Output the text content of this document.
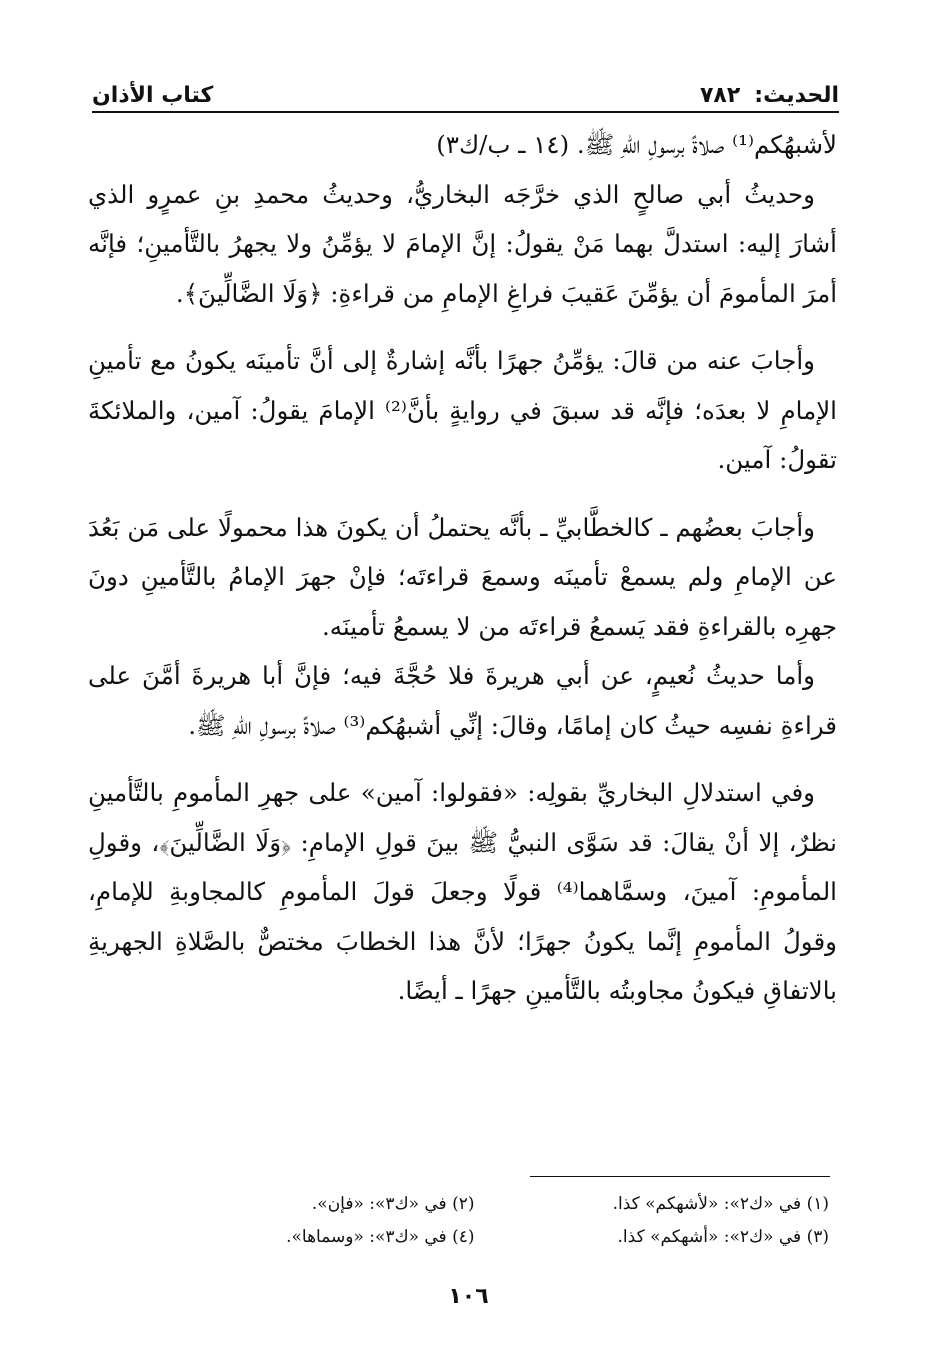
الحديث:
٧٨٢
كتاب الأذان

لأشبهُكم⁽¹⁾ صلاةً برسولِ اللهِ ﷺ. (١٤ ـ ب/ك٣)

وحديثُ أبي صالحٍ الذي خرَّجَه البخاريُّ، وحديثُ محمدِ بنِ عمرٍو الذي أشارَ إليه: استدلَّ بهما مَنْ يقولُ: إنَّ الإمامَ لا يؤمِّنُ ولا يجهرُ بالتَّأمينِ؛ فإنَّه أمرَ المأمومَ أن يؤمِّنَ عَقيبَ فراغِ الإمامِ من قراءةِ: ﴿وَلَا الضَّالِّينَ﴾.

وأجابَ عنه من قالَ: يؤمِّنُ جهرًا بأنَّه إشارةٌ إلى أنَّ تأمينَه يكونُ مع تأمينِ الإمامِ لا بعدَه؛ فإنَّه قد سبقَ في روايةٍ بأنَّ⁽²⁾ الإمامَ يقولُ: آمين، والملائكةَ تقولُ: آمين.

وأجابَ بعضُهم ـ كالخطَّابيِّ ـ بأنَّه يحتملُ أن يكونَ هذا محمولًا على مَن بَعُدَ عن الإمامِ ولم يسمعْ تأمينَه وسمعَ قراءتَه؛ فإنْ جهرَ الإمامُ بالتَّأمينِ دونَ جهرِه بالقراءةِ فقد يَسمعُ قراءتَه من لا يسمعُ تأمينَه.

وأما حديثُ نُعيمٍ، عن أبي هريرةَ فلا حُجَّةَ فيه؛ فإنَّ أبا هريرةَ أمَّنَ على قراءةِ نفسِه حيثُ كان إمامًا، وقالَ: إنِّي أشبهُكم⁽³⁾ صلاةً برسولِ اللهِ ﷺ.

وفي استدلالِ البخاريِّ بقولِه: «فقولوا: آمين» على جهرِ المأمومِ بالتَّأمينِ نظرٌ، إلا أنْ يقالَ: قد سَوَّى النبيُّ ﷺ بينَ قولِ الإمامِ: ﴿وَلَا الضَّالِّينَ﴾، وقولِ المأمومِ: آمينَ، وسمَّاهما⁽⁴⁾ قولًا وجعلَ قولَ المأمومِ كالمجاوبةِ للإمامِ، وقولُ المأمومِ إنَّما يكونُ جهرًا؛ لأنَّ هذا الخطابَ مختصٌّ بالصَّلاةِ الجهريةِ بالاتفاقِ فيكونُ مجاوبتُه بالتَّأمينِ جهرًا ـ أيضًا.

(١) في «ك٢»: «لأشهكم» كذا.
(٢) في «ك٣»: «فإن».
(٣) في «ك٢»: «أشهكم» كذا.
(٤) في «ك٣»: «وسماها».
١٠٦
